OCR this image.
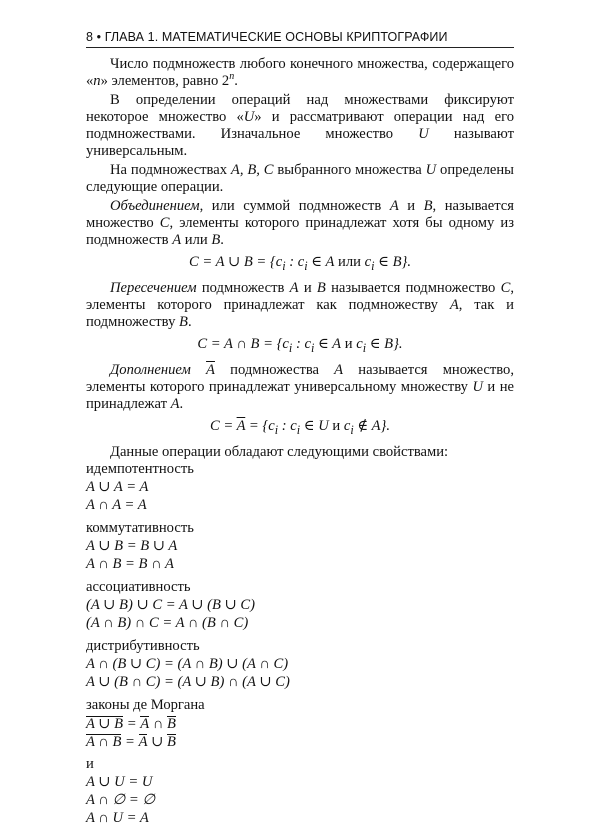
8 • ГЛАВА 1. МАТЕМАТИЧЕСКИЕ ОСНОВЫ КРИПТОГРАФИИ

Число подмножеств любого конечного множества, содержащего «n» элементов, равно 2$^n$.

В определении операций над множествами фиксируют некоторое множество «U» и рассматривают операции над его подмножествами. Изначальное множество U называют универсальным.

На подмножествах A, B, C выбранного множества U определены следующие операции.

Объединением, или суммой подмножеств A и B, называется множество C, элементы которого принадлежат хотя бы одному из подмножеств A или B.

C = A ∪ $B = \{c_i$ : $c_i$ ∈ A или $c_i$ ∈ B}.

Пересечением подмножеств A и B называется подмножество C, элементы которого принадлежат как подмножеству A, так и подмножеству B.

C = A ∩ $B = \{c_i$ : $c_i$ ∈ A и $c_i$ ∈ B}.

Дополнением $\overline{A}$ подмножества A называется множество, элементы которого принадлежат универсальному множеству U и не принадлежат A.

$C = \overline{A} = \{c_i$ : $c_i$ ∈ U и $c_i$ ∉ A}.

Данные операции обладают следующими свойствами:

идемпотентность
A ∪ A = A
A ∩ A = A
коммутативность
A ∪ B = B ∪ A
A ∩ B = B ∩ A
ассоциативность
(A ∪ B) ∪ C = A ∪ (B ∪ C)
(A ∩ B) ∩ C = A ∩ (B ∩ C)
дистрибутивность
A ∩ (B ∪ C) = (A ∩ B) ∪ (A ∩ C)
A ∪ (B ∩ C) = (A ∪ B) ∩ (A ∪ C)
законы де Моргана
A ∪ B = A ∩ B
A ∩ B = A ∪ B
и
A ∪ U = U
A ∩ ∅ = ∅
A ∩ U = A
